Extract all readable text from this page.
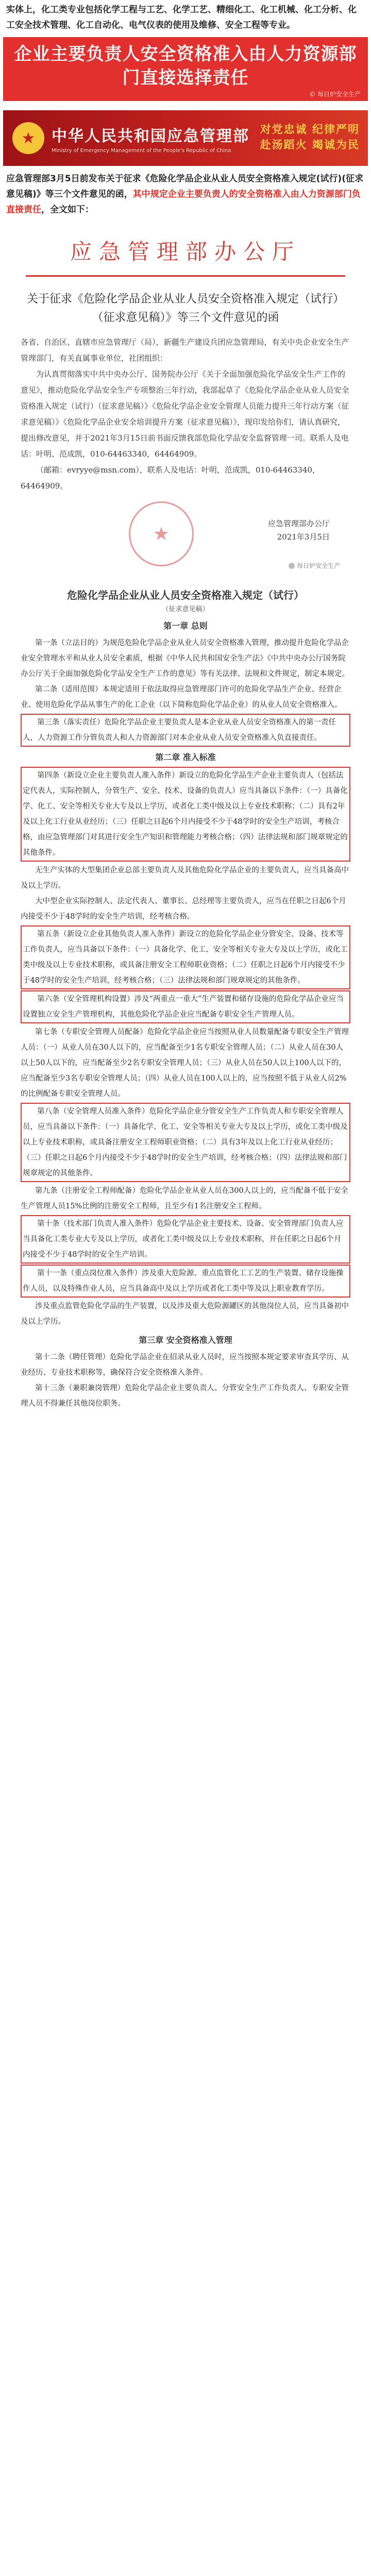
实体上，化工类专业包括化学工程与工艺、化学工艺、精细化工、化工机械、化工分析、化工安全技术管理、化工自动化、电气仪表的使用及维修、安全工程等专业。
企业主要负责人安全资格准入由人力资源部门直接选择责任
© 每日炉安全生产
★	中华人民共和国应急管理部
Ministry of Emergency Management of the People's Republic of China
对党忠诚 纪律严明
赴汤蹈火 竭诚为民
应急管理部3月5日前发布关于征求《危险化学品企业从业人员安全资格准入规定(试行)(征求意见稿)》等三个文件意见的函，其中规定企业主要负责人的安全资格准入由人力资源部门负直接责任，全文如下：
应急管理部办公厅
关于征求《危险化学品企业从业人员安全资格准入规定（试行）（征求意见稿）》等三个文件意见的函

各省、自治区、直辖市应急管理厅（局），新疆生产建设兵团应急管理局，有关中央企业安全生产管理部门，有关直属事业单位，社团组织：

为认真贯彻落实中共中央办公厅、国务院办公厅《关于全面加强危险化学品安全生产工作的意见》，推动危险化学品安全生产专项整治三年行动，我部起草了《危险化学品企业从业人员安全资格准入规定（试行）（征求意见稿）》《危险化学品企业安全管理人员能力提升三年行动方案（征求意见稿）》《危险化学品企业安全培训提升方案（征求意见稿）》，现印发给你们，请认真研究，提出修改意见，并于2021年3月15日前书面反馈我部危险化学品安全监督管理一司。联系人及电话：叶明、范成凯，010-64463340，64464909。

（邮箱：evryye@msn.com），联系人及电话：叶明，范成凯，010-64463340，64464909。

★	应急管理部办公厅
2021年3月5日
每日炉安全生产
危险化学品企业从业人员安全资格准入规定（试行）
（征求意见稿）
第一章 总则

第一条（立法目的）为规范危险化学品企业从业人员安全资格准入管理，推动提升危险化学品企业安全管理水平和从业人员安全素质，根据《中华人民共和国安全生产法》《中共中央办公厅国务院办公厅关于全面加强危险化学品安全生产工作的意见》等有关法律、法规和文件规定，制定本规定。

第二条（适用范围）本规定适用于依法取得应急管理部门许可的危险化学品生产企业、经营企业、使用危险化学品从事生产的化工企业（以下简称危险化学品企业）的从业人员安全资格准入。

第三条（落实责任）危险化学品企业主要负责人是本企业从业人员安全资格准入的第一责任人，人力资源工作分管负责人和人力资源部门对本企业从业人员安全资格准入负直接责任。

第二章 准入标准

第四条（新设立企业主要负责人准入条件）新设立的危险化学品生产企业主要负责人（包括法定代表人，实际控制人，分管生产、安全、技术、设备的负责人）应当具备以下条件：（一）具备化学、化工、安全等相关专业大专及以上学历，或者化工类中级及以上专业技术职称；（二）具有2年及以上化工行业从业经历；（三）任职之日起6个月内接受不少于48学时的安全生产培训，考核合格，由应急管理部门对其进行安全生产知识和管理能力考核合格；（四）法律法规和部门规章规定的其他条件。

无生产实体的大型集团企业总部主要负责人及其他危险化学品企业的主要负责人，应当具备高中及以上学历。

大中型企业实际控制人、法定代表人、董事长、总经理等主要负责人，应当在任职之日起6个月内接受不少于48学时的安全生产培训，经考核合格。

第五条（新设立企业其他负责人准入条件）新设立的危险化学品企业分管安全、设备、技术等工作负责人，应当具备以下条件：（一）具备化学、化工、安全等相关专业大专及以上学历，或化工类中级及以上专业技术职称，或具备注册安全工程师职业资格；（二）任职之日起6个月内接受不少于48学时的安全生产培训，经考核合格；（三）法律法规和部门规章规定的其他条件。

第六条（安全管理机构设置）涉及“两重点一重大”生产装置和储存设施的危险化学品企业应当设置独立安全生产管理机构，其他危险化学品企业应当配备专职安全生产管理人员。

第七条（专职安全管理人员配备）危险化学品企业应当按照从业人员数量配备专职安全生产管理人员：（一）从业人员在30人以下的，应当配备至少1名专职安全管理人员；（二）从业人员在30人以上50人以下的，应当配备至少2名专职安全管理人员；（三）从业人员在50人以上100人以下的，应当配备至少3名专职安全管理人员；（四）从业人员在100人以上的，应当按照不低于从业人员2%的比例配备专职安全管理人员。

第八条（安全管理人员准入条件）危险化学品企业分管安全生产工作负责人和专职安全管理人员，应当具备以下条件：（一）具备化学、化工、安全等相关专业大专及以上学历，或化工类中级及以上专业技术职称，或具备注册安全工程师职业资格；（二）具有3年及以上化工行业从业经历；（三）任职之日起6个月内接受不少于48学时的安全生产培训，经考核合格；（四）法律法规和部门规章规定的其他条件。

第九条（注册安全工程师配备）危险化学品企业从业人员在300人以上的，应当配备不低于安全生产管理人员15%比例的注册安全工程师，且至少有1名注册安全工程师。

第十条（技术部门负责人准入条件）危险化学品企业主要技术、设备、安全管理部门负责人应当具备化工类专业大专及以上学历，或者化工类中级及以上专业技术职称，并在任职之日起6个月内接受不少于48学时的安全生产培训。

第十一条（重点岗位准入条件）涉及重大危险源、重点监管化工工艺的生产装置、储存设施操作人员，以及特殊作业人员，应当具备高中及以上学历或者化工类中等及以上职业教育学历。

涉及重点监管危险化学品的生产装置，以及涉及重大危险源罐区的其他岗位人员，应当具备初中及以上学历。

第三章 安全资格准入管理

第十二条（聘任管理）危险化学品企业在招录从业人员时，应当按照本规定要求审查其学历、从业经历、专业技术职称等，确保符合安全资格准入条件。

第十三条（兼职兼岗管理）危险化学品企业主要负责人、分管安全生产工作负责人、专职安全管理人员不得兼任其他岗位职务。
